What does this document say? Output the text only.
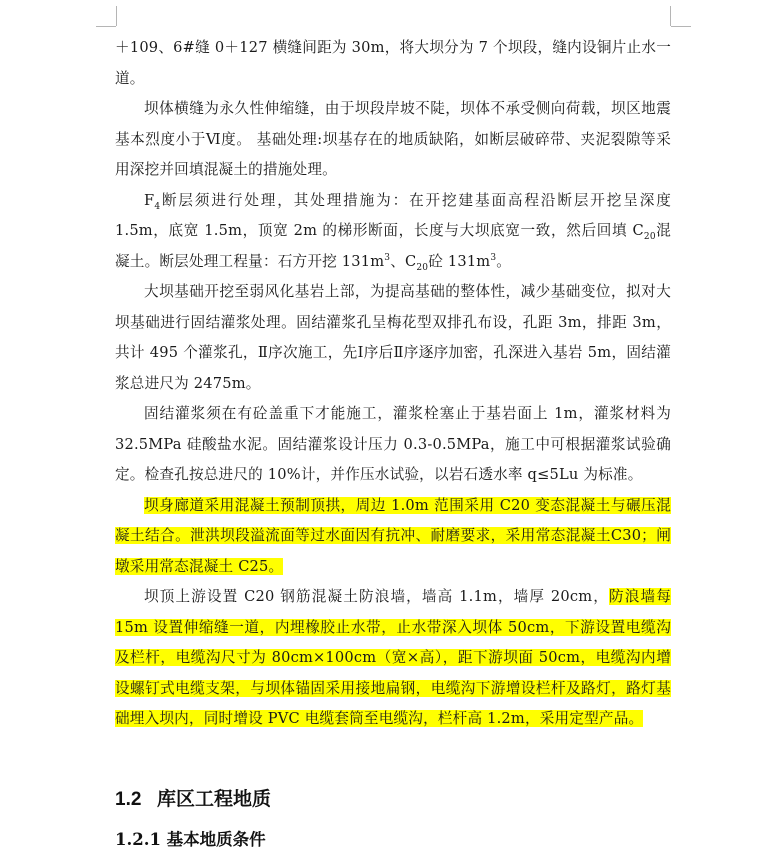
＋109、6#缝 0＋127 横缝间距为 30m，将大坝分为 7 个坝段，缝内设铜片止水一道。

坝体横缝为永久性伸缩缝，由于坝段岸坡不陡，坝体不承受侧向荷载，坝区地震基本烈度小于Ⅵ度。 基础处理:坝基存在的地质缺陷，如断层破碎带、夹泥裂隙等采用深挖并回填混凝土的措施处理。

$F_4$断层须进行处理，其处理措施为：在开挖建基面高程沿断层开挖呈深度 1.5m，底宽 1.5m，顶宽 2m 的梯形断面，长度与大坝底宽一致，然后回填 $C_{20}$混凝土。断层处理工程量：石方开挖 $131m^3$、$C_{20}$砼 $131m^3$。

大坝基础开挖至弱风化基岩上部，为提高基础的整体性，减少基础变位，拟对大坝基础进行固结灌浆处理。固结灌浆孔呈梅花型双排孔布设，孔距 3m，排距 3m，共计 495 个灌浆孔，Ⅱ序次施工，先Ⅰ序后Ⅱ序逐序加密，孔深进入基岩 5m，固结灌浆总进尺为 2475m。

固结灌浆须在有砼盖重下才能施工，灌浆栓塞止于基岩面上 1m，灌浆材料为 32.5MPa 硅酸盐水泥。固结灌浆设计压力 0.3-0.5MPa，施工中可根据灌浆试验确定。检查孔按总进尺的 10%计，并作压水试验，以岩石透水率 q≤5Lu 为标准。

坝身廊道采用混凝土预制顶拱，周边 1.0m 范围采用 C20 变态混凝土与碾压混凝土结合。泄洪坝段溢流面等过水面因有抗冲、耐磨要求，采用常态混凝土C30；闸墩采用常态混凝土 C25。

坝顶上游设置 C20 钢筋混凝土防浪墙，墙高 1.1m，墙厚 20cm，防浪墙每 15m 设置伸缩缝一道，内埋橡胶止水带，止水带深入坝体 50cm，下游设置电缆沟及栏杆，电缆沟尺寸为 80cm×100cm（宽×高），距下游坝面 50cm，电缆沟内增设螺钉式电缆支架，与坝体锚固采用接地扁钢，电缆沟下游增设栏杆及路灯，路灯基础埋入坝内，同时增设 PVC 电缆套筒至电缆沟，栏杆高 1.2m，采用定型产品。

1.2 库区工程地质
1.2.1 基本地质条件
